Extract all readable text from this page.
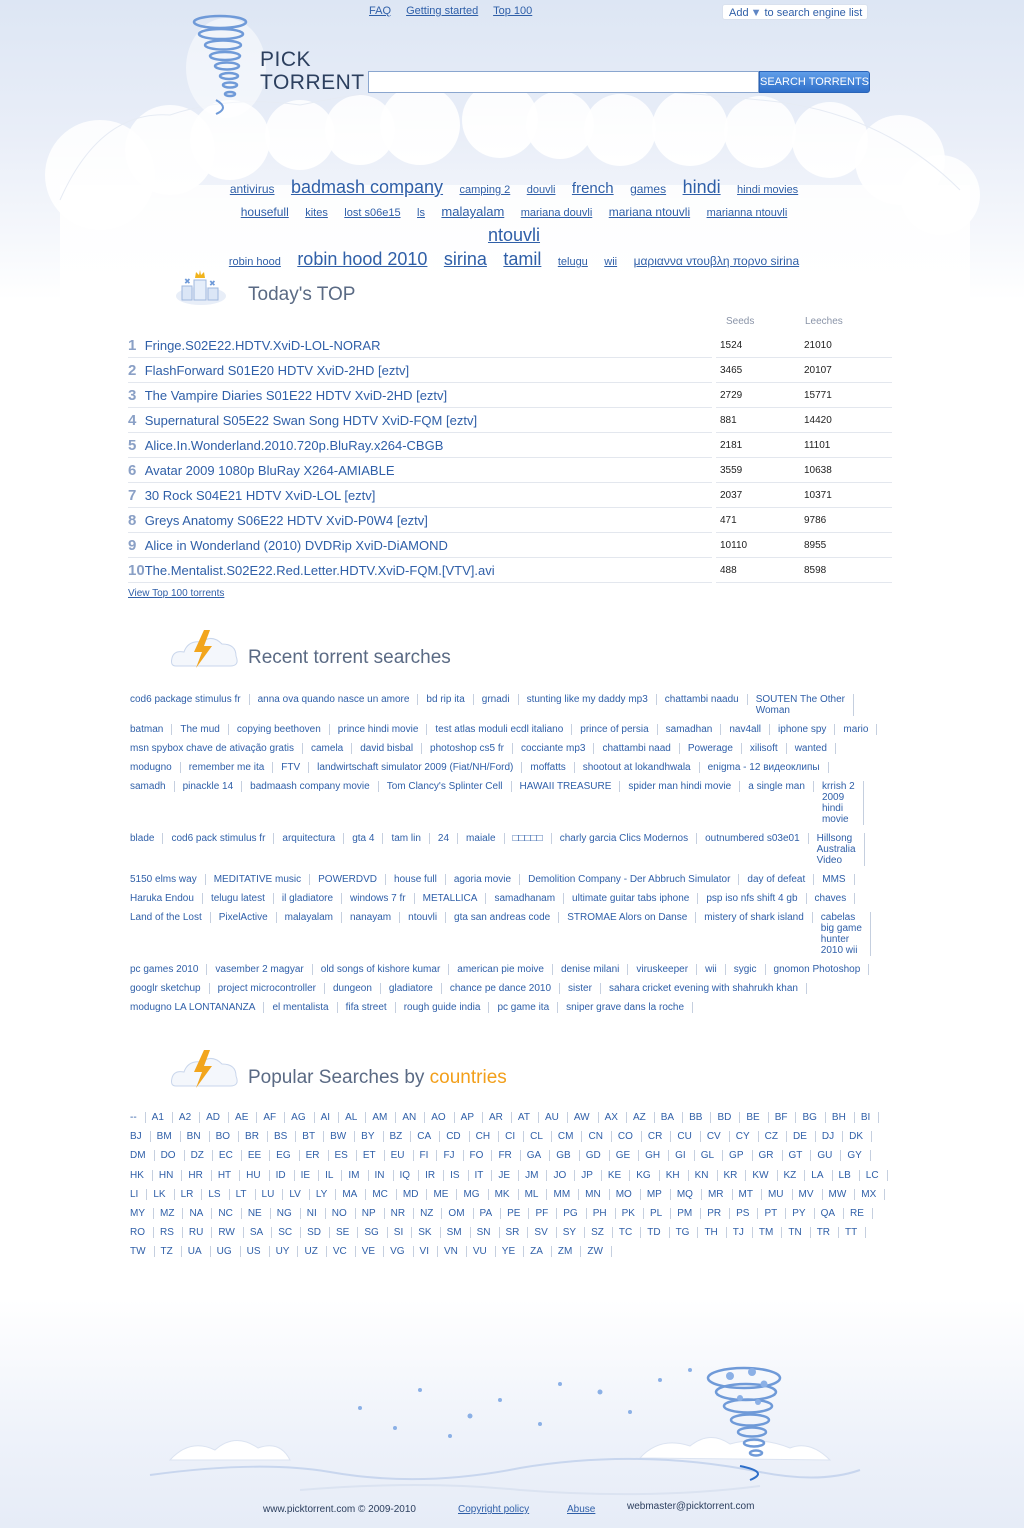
FAQ Getting started Top 100	Add ▼ to search engine list
PICK
TORRENT	SEARCH TORRENTS
antivirus badmash company camping 2 douvli french games hindi hindi movies
housefull kites lost s06e15 ls malayalam mariana douvli mariana ntouvli marianna ntouvli ntouvli
robin hood robin hood 2010 sirina tamil telugu wii μαριαννα ντουβλη πορνο sirina
✖ ✖
Today's TOP
Seeds	Leeches
1	Fringe.S02E22.HDTV.XviD-LOL-NORAR		1524	21010
2	FlashForward S01E20 HDTV XviD-2HD [eztv]		3465	20107
3	The Vampire Diaries S01E22 HDTV XviD-2HD [eztv]		2729	15771
4	Supernatural S05E22 Swan Song HDTV XviD-FQM [eztv]		881	14420
5	Alice.In.Wonderland.2010.720p.BluRay.x264-CBGB		2181	11101
6	Avatar 2009 1080p BluRay X264-AMIABLE		3559	10638
7	30 Rock S04E21 HDTV XviD-LOL [eztv]		2037	10371
8	Greys Anatomy S06E22 HDTV XviD-P0W4 [eztv]		471	9786
9	Alice in Wonderland (2010) DVDRip XviD-DiAMOND		10110	8955
10	The.Mentalist.S02E22.Red.Letter.HDTV.XviD-FQM.[VTV].avi		488	8598
View Top 100 torrents
Recent torrent searches
cod6 package stimulus fr anna ova quando nasce un amore bd rip ita grnadi stunting like my daddy mp3 chattambi naadu SOUTEN The Other
Woman
batman The mud copying beethoven prince hindi movie test atlas moduli ecdl italiano prince of persia samadhan nav4all iphone spy mario
msn spybox chave de ativação gratis camela david bisbal photoshop cs5 fr cocciante mp3 chattambi naad Powerage xilisoft wanted
modugno remember me ita FTV landwirtschaft simulator 2009 (Fiat/NH/Ford) moffatts shootout at lokandhwala enigma - 12 видеоклипы
samadh pinackle 14 badmaash company movie Tom Clancy's Splinter Cell HAWAII TREASURE spider man hindi movie a single man krrish 2
2009
hindi
movie
blade cod6 pack stimulus fr arquitectura gta 4 tam lin 24 maiale □□□□□ charly garcia Clics Modernos outnumbered s03e01 Hillsong
Australia
Video
5150 elms way MEDITATIVE music POWERDVD house full agoria movie Demolition Company - Der Abbruch Simulator day of defeat MMS
Haruka Endou telugu latest il gladiatore windows 7 fr METALLICA samadhanam ultimate guitar tabs iphone psp iso nfs shift 4 gb chaves
Land of the Lost PixelActive malayalam nanayam ntouvli gta san andreas code STROMAE Alors on Danse mistery of shark island cabelas
big game
hunter
2010 wii
pc games 2010 vasember 2 magyar old songs of kishore kumar american pie moive denise milani viruskeeper wii sygic gnomon Photoshop
googlr sketchup project microcontroller dungeon gladiatore chance pe dance 2010 sister sahara cricket evening with shahrukh khan
modugno LA LONTANANZA el mentalista fifa street rough guide india pc game ita sniper grave dans la roche
Popular Searches by countries
-- A1 A2 AD AE AF AG AI AL AM AN AO AP AR AT AU AW AX AZ BA BB BD BE BF BG BH BIBJ BM BN BO BR BS BT BW BY BZ CA CD CH CI CL CM CN CO CR CU CV CY CZ DE DJ DKDM DO DZ EC EE EG ER ES ET EU FI FJ FO FR GA GB GD GE GH GI GL GP GR GT GU GYHK HN HR HT HU ID IE IL IM IN IQ IR IS IT JE JM JO JP KE KG KH KN KR KW KZ LA LB LCLI LK LR LS LT LU LV LY MA MC MD ME MG MK ML MM MN MO MP MQ MR MT MU MV MW MXMY MZ NA NC NE NG NI NO NP NR NZ OM PA PE PF PG PH PK PL PM PR PS PT PY QA RERO RS RU RW SA SC SD SE SG SI SK SM SN SR SV SY SZ TC TD TG TH TJ TM TN TR TTTW TZ UA UG US UY UZ VC VE VG VI VN VU YE ZA ZM ZW
www.picktorrent.com © 2009-2010	Copyright policy	Abuse	webmaster@picktorrent.com
